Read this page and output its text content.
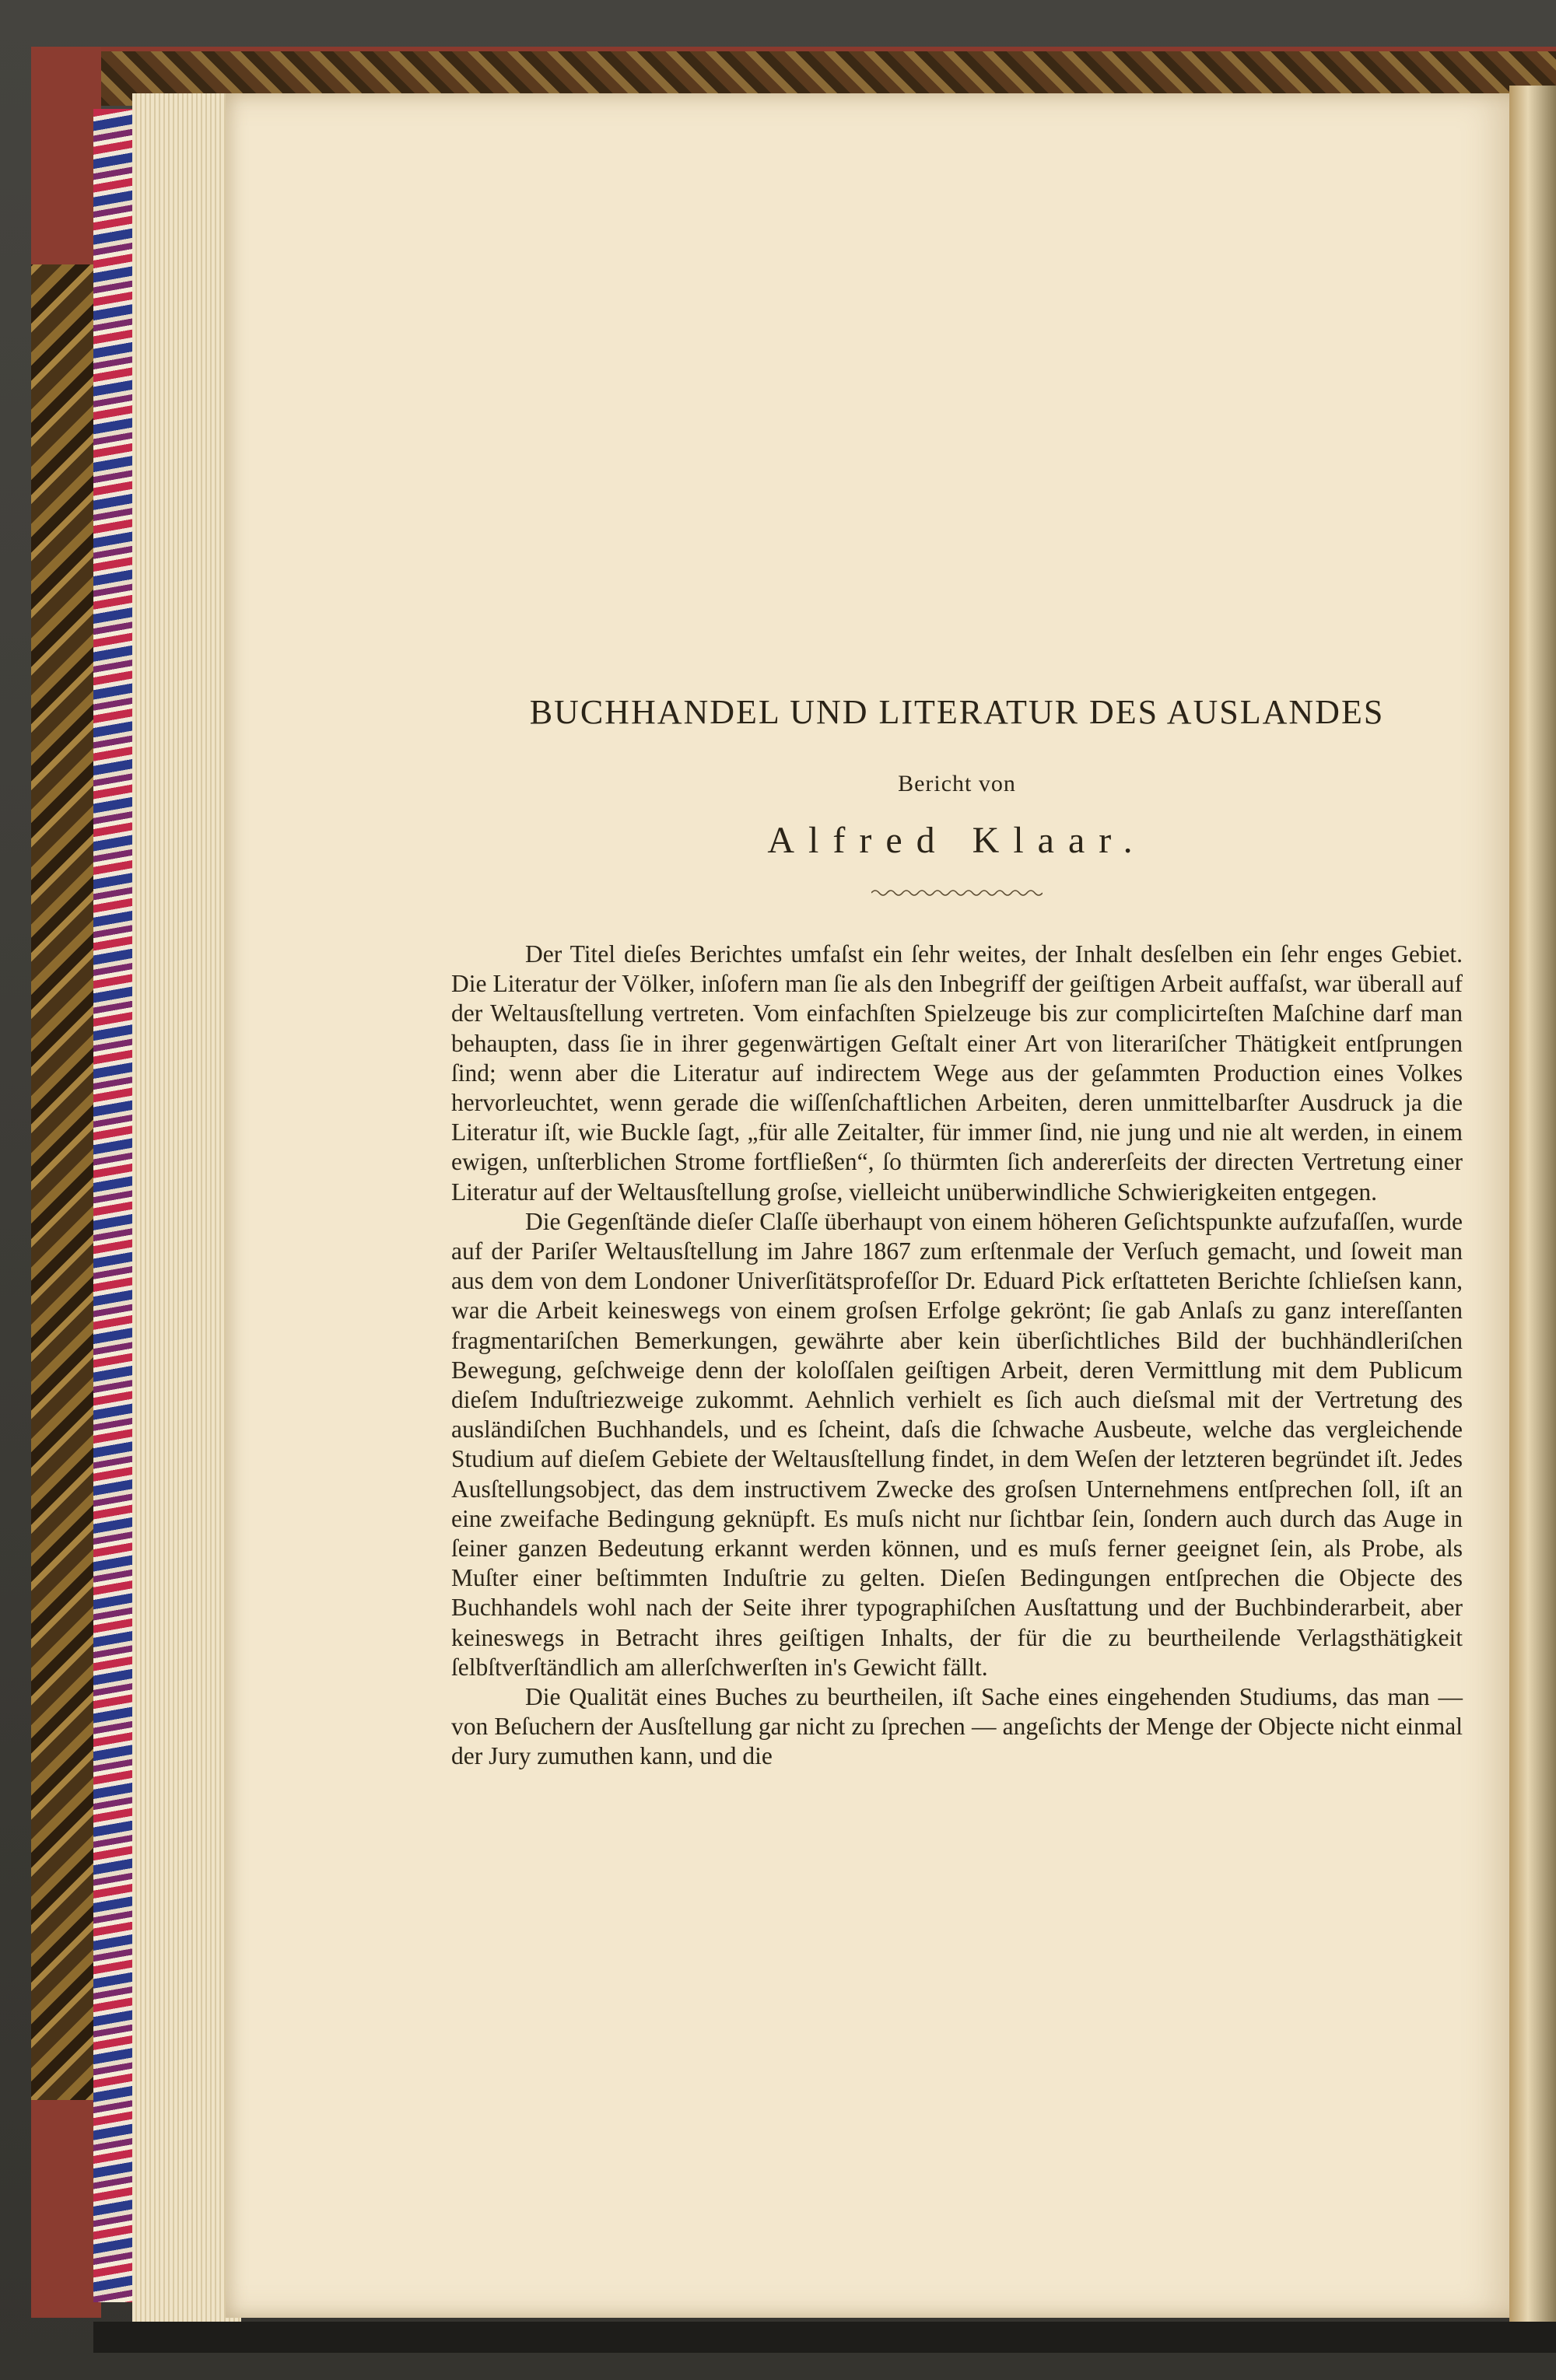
BUCHHANDEL UND LITERATUR DES AUSLANDES
Bericht von
Alfred Klaar.

Der Titel dieſes Berichtes umfaſst ein ſehr weites, der Inhalt desſelben ein ſehr enges Gebiet. Die Literatur der Völker, inſofern man ſie als den Inbegriff der geiſtigen Arbeit auffaſst, war überall auf der Weltausſtellung vertreten. Vom einfachſten Spielzeuge bis zur complicirteſten Maſchine darf man behaupten, dass ſie in ihrer gegenwärtigen Geſtalt einer Art von literariſcher Thätigkeit entſprungen ſind; wenn aber die Literatur auf indirectem Wege aus der geſammten Production eines Volkes hervorleuchtet, wenn gerade die wiſſenſchaftlichen Arbeiten, deren unmittelbarſter Ausdruck ja die Literatur iſt, wie Buckle ſagt, „für alle Zeitalter, für immer ſind, nie jung und nie alt werden, in einem ewigen, unſterblichen Strome fortfließen“, ſo thürmten ſich andererſeits der directen Vertretung einer Literatur auf der Weltausſtellung groſse, vielleicht unüberwindliche Schwierigkeiten entgegen.

Die Gegenſtände dieſer Claſſe überhaupt von einem höheren Geſichtspunkte aufzufaſſen, wurde auf der Pariſer Weltausſtellung im Jahre 1867 zum erſtenmale der Verſuch gemacht, und ſoweit man aus dem von dem Londoner Univerſitätsprofeſſor Dr. Eduard Pick erſtatteten Berichte ſchlieſsen kann, war die Arbeit keineswegs von einem groſsen Erfolge gekrönt; ſie gab Anlaſs zu ganz intereſſanten fragmentariſchen Bemerkungen, gewährte aber kein überſichtliches Bild der buchhändleriſchen Bewegung, geſchweige denn der koloſſalen geiſtigen Arbeit, deren Vermittlung mit dem Publicum dieſem Induſtriezweige zukommt. Aehnlich verhielt es ſich auch dieſsmal mit der Vertretung des ausländiſchen Buchhandels, und es ſcheint, daſs die ſchwache Ausbeute, welche das vergleichende Studium auf dieſem Gebiete der Weltausſtellung findet, in dem Weſen der letzteren begründet iſt. Jedes Ausſtellungsobject, das dem instructivem Zwecke des groſsen Unternehmens entſprechen ſoll, iſt an eine zweifache Bedingung geknüpft. Es muſs nicht nur ſichtbar ſein, ſondern auch durch das Auge in ſeiner ganzen Bedeutung erkannt werden können, und es muſs ferner geeignet ſein, als Probe, als Muſter einer beſtimmten Induſtrie zu gelten. Dieſen Bedingungen entſprechen die Objecte des Buchhandels wohl nach der Seite ihrer typographiſchen Ausſtattung und der Buchbinderarbeit, aber keineswegs in Betracht ihres geiſtigen Inhalts, der für die zu beurtheilende Verlagsthätigkeit ſelbſtverſtändlich am allerſchwerſten in's Gewicht fällt.

Die Qualität eines Buches zu beurtheilen, iſt Sache eines eingehenden Studiums, das man — von Beſuchern der Ausſtellung gar nicht zu ſprechen — angeſichts der Menge der Objecte nicht einmal der Jury zumuthen kann, und die
